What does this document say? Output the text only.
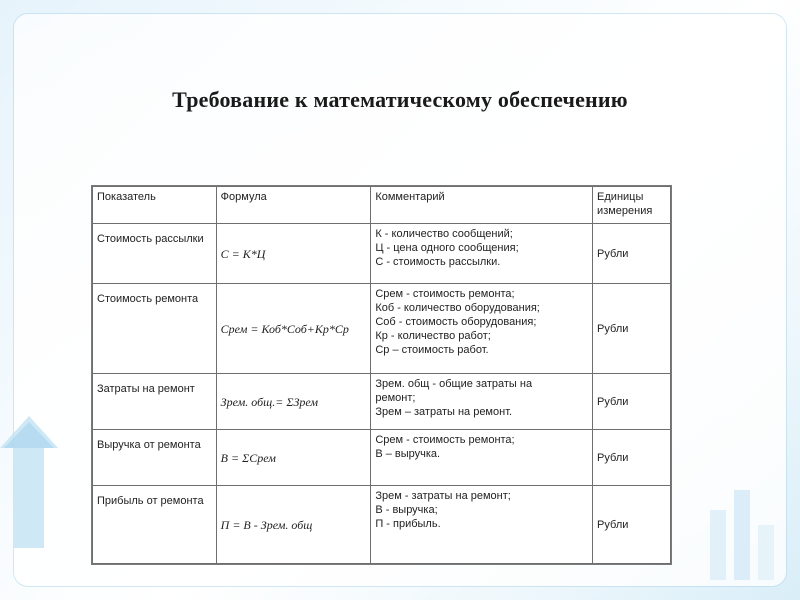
Требование к математическому обеспечению
Показатель	Формула	Комментарий	Единицы
измерения

Стоимость рассылки	С = К*Ц	К - количество сообщений;
Ц - цена одного сообщения;
С - стоимость рассылки.	Рубли
Стоимость ремонта	Срем = Коб*Соб+Кр*Ср	Срем - стоимость ремонта;
Коб - количество оборудования;
Соб - стоимость оборудования;
Кр - количество работ;
Ср – стоимость работ.	Рубли
Затраты на ремонт	Зрем. общ.= ΣЗрем	Зрем. общ - общие затраты на
ремонт;
Зрем – затраты на ремонт.	Рубли
Выручка от ремонта	В = ΣСрем	Срем - стоимость ремонта;
В – выручка.	Рубли
Прибыль от ремонта	П = В - Зрем. общ	Зрем - затраты на ремонт;
В - выручка;
П - прибыль.	Рубли
